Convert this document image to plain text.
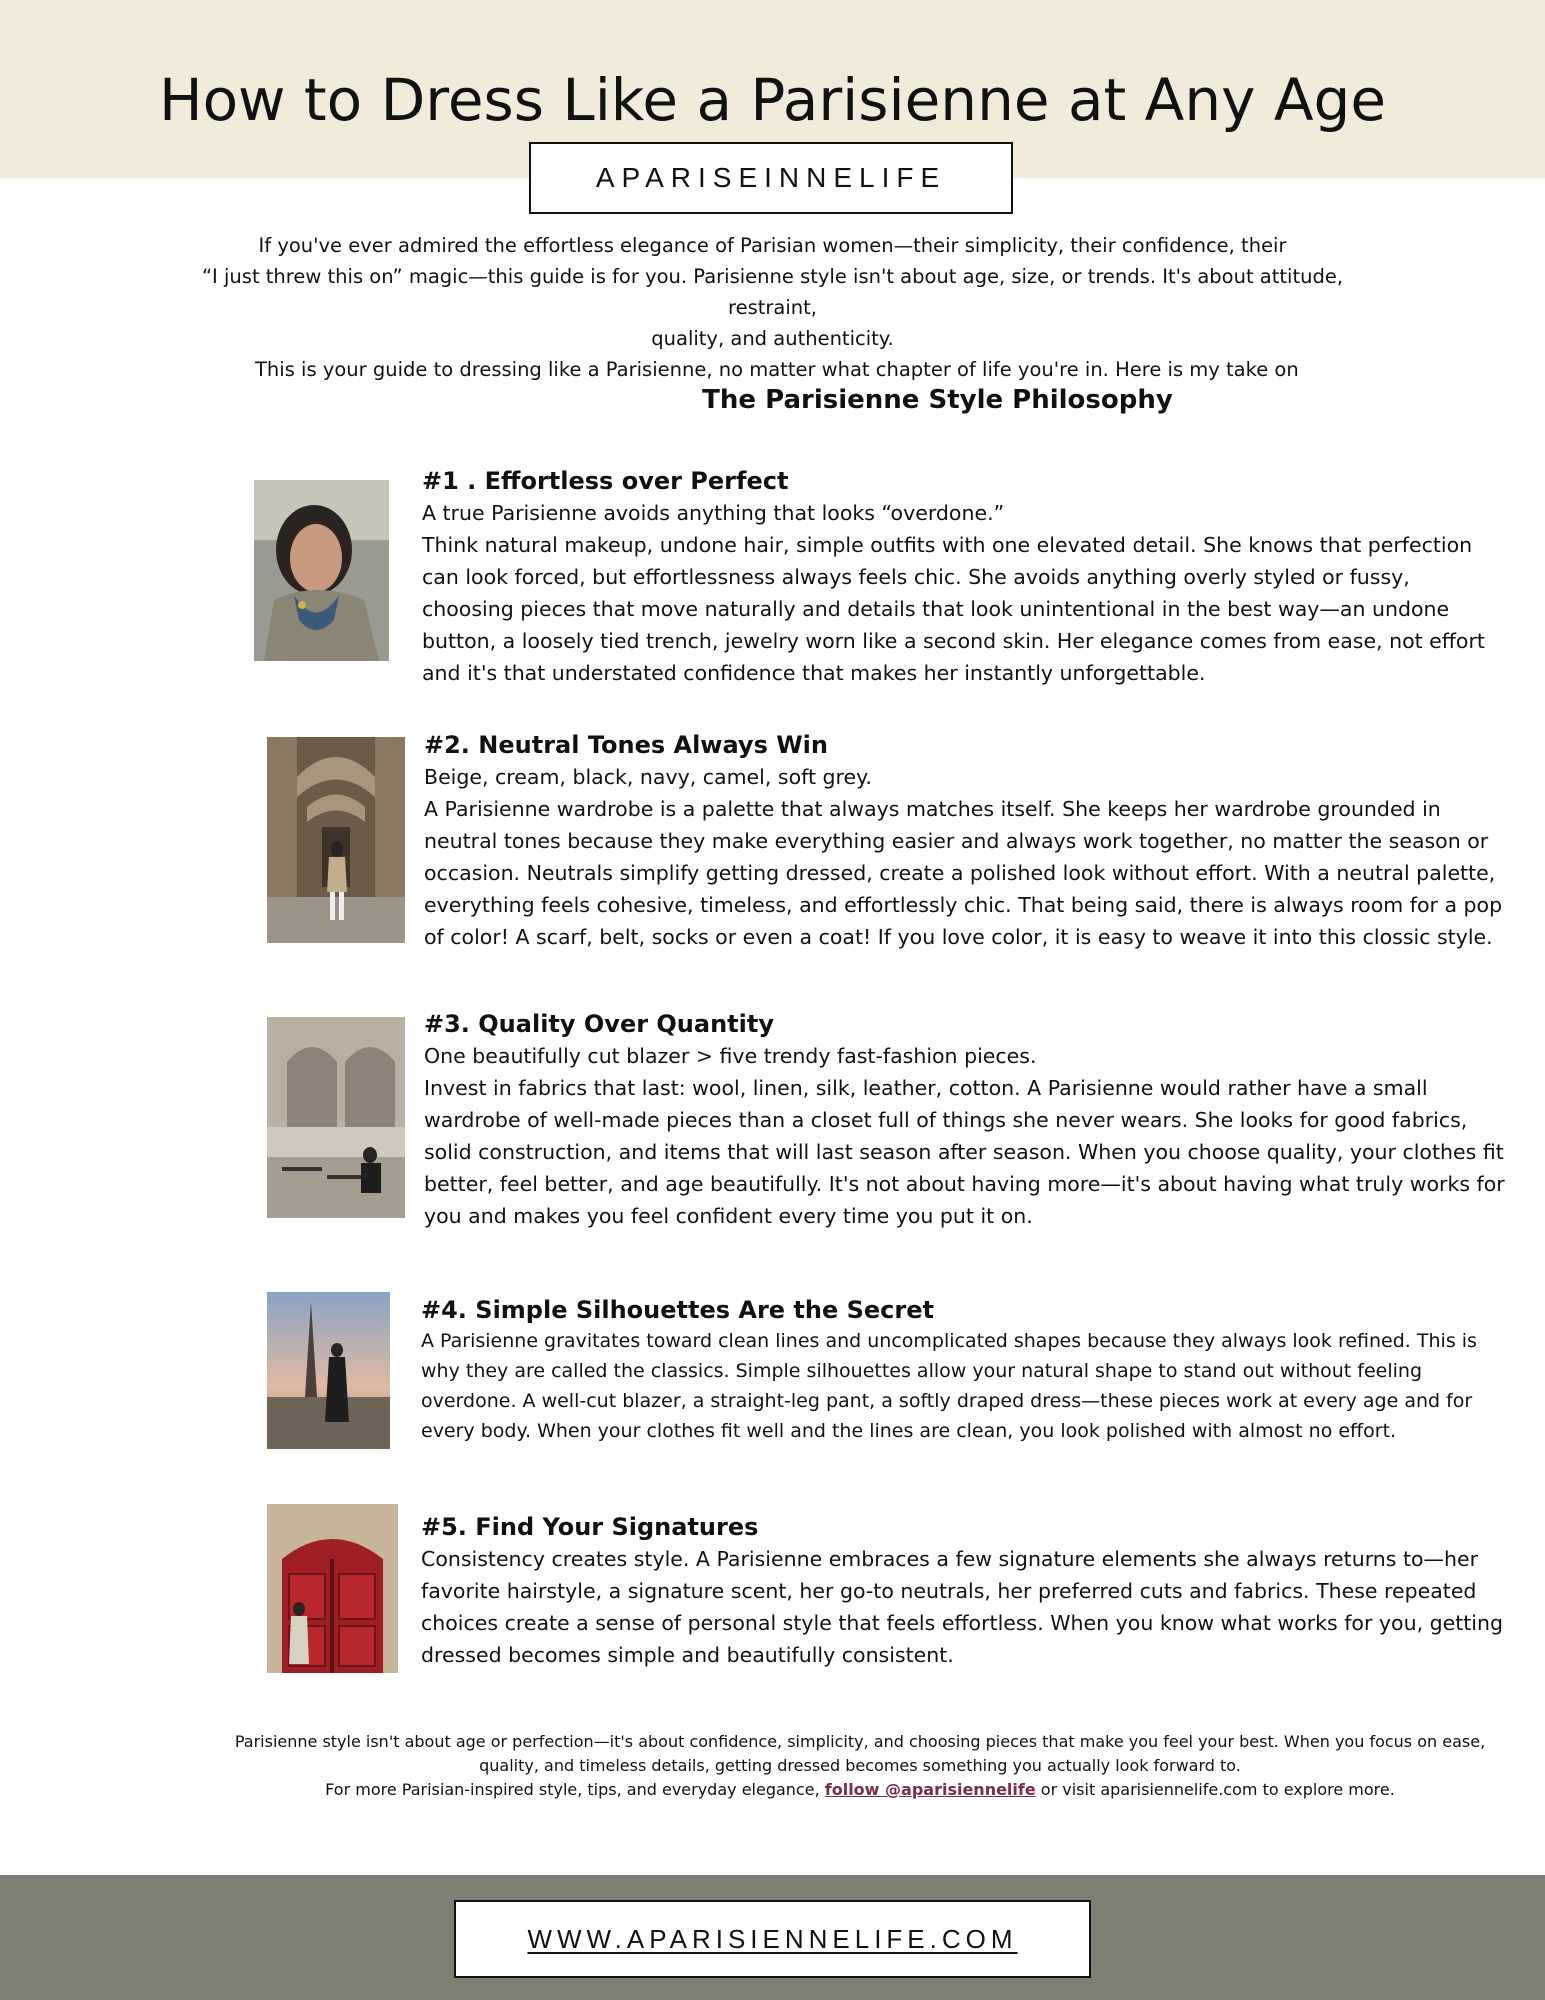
How to Dress Like a Parisienne at Any Age
APARISEINNELIFE

If you've ever admired the effortless elegance of Parisian women—their simplicity, their confidence, their

“I just threw this on” magic—this guide is for you. Parisienne style isn't about age, size, or trends. It's about attitude, restraint,

quality, and authenticity.

This is your guide to dressing like a Parisienne, no matter what chapter of life you're in. Here is my take on

The Parisienne Style Philosophy
#1 . Effortless over Perfect

A true Parisienne avoids anything that looks “overdone.”

Think natural makeup, undone hair, simple outfits with one elevated detail. She knows that perfection can look forced, but effortlessness always feels chic. She avoids anything overly styled or fussy, choosing pieces that move naturally and details that look unintentional in the best way—an undone button, a loosely tied trench, jewelry worn like a second skin. Her elegance comes from ease, not effort and it's that understated confidence that makes her instantly unforgettable.

#2. Neutral Tones Always Win

Beige, cream, black, navy, camel, soft grey.

A Parisienne wardrobe is a palette that always matches itself. She keeps her wardrobe grounded in neutral tones because they make everything easier and always work together, no matter the season or occasion. Neutrals simplify getting dressed, create a polished look without effort. With a neutral palette, everything feels cohesive, timeless, and effortlessly chic. That being said, there is always room for a pop of color! A scarf, belt, socks or even a coat! If you love color, it is easy to weave it into this clossic style.

#3. Quality Over Quantity

One beautifully cut blazer > five trendy fast-fashion pieces.

Invest in fabrics that last: wool, linen, silk, leather, cotton. A Parisienne would rather have a small wardrobe of well-made pieces than a closet full of things she never wears. She looks for good fabrics, solid construction, and items that will last season after season. When you choose quality, your clothes fit better, feel better, and age beautifully. It's not about having more—it's about having what truly works for you and makes you feel confident every time you put it on.

#4. Simple Silhouettes Are the Secret

A Parisienne gravitates toward clean lines and uncomplicated shapes because they always look refined. This is why they are called the classics. Simple silhouettes allow your natural shape to stand out without feeling overdone. A well-cut blazer, a straight-leg pant, a softly draped dress—these pieces work at every age and for every body. When your clothes fit well and the lines are clean, you look polished with almost no effort.

#5. Find Your Signatures

Consistency creates style. A Parisienne embraces a few signature elements she always returns to—her favorite hairstyle, a signature scent, her go-to neutrals, her preferred cuts and fabrics. These repeated choices create a sense of personal style that feels effortless. When you know what works for you, getting dressed becomes simple and beautifully consistent.

Parisienne style isn't about age or perfection—it's about confidence, simplicity, and choosing pieces that make you feel your best. When you focus on ease, quality, and timeless details, getting dressed becomes something you actually look forward to.

For more Parisian-inspired style, tips, and everyday elegance, follow @aparisiennelife or visit aparisiennelife.com to explore more.

WWW.APARISIENNELIFE.COM
